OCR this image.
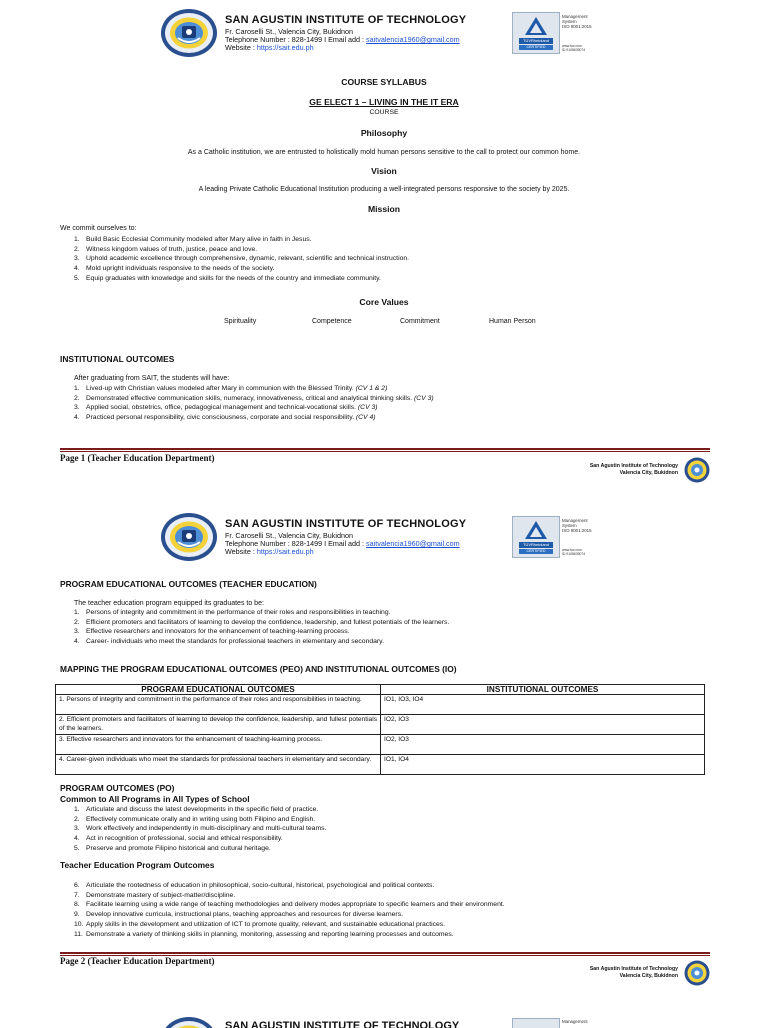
SAN AGUSTIN INSTITUTE OF TECHNOLOGY
Fr. Caroselli St., Valencia City, Bukidnon
Telephone Number : 828-1499 I Email add : saitvalencia1960@gmail.com
Website : https://sait.edu.ph
TÜVRheinland
CERTIFIED
Management
System
ISO 9001:2015
www.tuv.com
ID 9108639074
COURSE SYLLABUS
GE ELECT 1 – LIVING IN THE IT ERA
COURSE
Philosophy
As a Catholic institution, we are entrusted to holistically mold human persons sensitive to the call to protect our common home.
Vision
A leading Private Catholic Educational Institution producing a well-integrated persons responsive to the society by 2025.
Mission
We commit ourselves to:
1. Build Basic Ecclesial Community modeled after Mary alive in faith in Jesus.
2. Witness kingdom values of truth, justice, peace and love.
3. Uphold academic excellence through comprehensive, dynamic, relevant, scientific and technical instruction.
4. Mold upright individuals responsive to the needs of the society.
5. Equip graduates with knowledge and skills for the needs of the country and immediate community.
Core Values
Spirituality	Competence	Commitment	Human Person
INSTITUTIONAL OUTCOMES
After graduating from SAIT, the students will have:
1. Lived-up with Christian values modeled after Mary in communion with the Blessed Trinity. (CV 1 & 2)
2. Demonstrated effective communication skills, numeracy, innovativeness, critical and analytical thinking skills. (CV 3)
3. Applied social, obstetrics, office, pedagogical management and technical-vocational skills. (CV 3)
4. Practiced personal responsibility, civic consciousness, corporate and social responsibility. (CV 4)
Page 1 (Teacher Education Department)
San Agustin Institute of Technology
Valencia City, Bukidnon
SAN AGUSTIN INSTITUTE OF TECHNOLOGY
Fr. Caroselli St., Valencia City, Bukidnon
Telephone Number : 828-1499 I Email add : saitvalencia1960@gmail.com
Website : https://sait.edu.ph
TÜVRheinland
CERTIFIED
Management
System
ISO 9001:2015
www.tuv.com
ID 9108639074
PROGRAM EDUCATIONAL OUTCOMES (TEACHER EDUCATION)
The teacher education program equipped its graduates to be:
1. Persons of integrity and commitment in the performance of their roles and responsibilities in teaching.
2. Efficient promoters and facilitators of learning to develop the confidence, leadership, and fullest potentials of the learners.
3. Effective researchers and innovators for the enhancement of teaching-learning process.
4. Career- individuals who meet the standards for professional teachers in elementary and secondary.
MAPPING THE PROGRAM EDUCATIONAL OUTCOMES (PEO) AND INSTITUTIONAL OUTCOMES (IO)
PROGRAM EDUCATIONAL OUTCOMES	INSTITUTIONAL OUTCOMES
1. Persons of integrity and commitment in the performance of their roles and responsibilities in teaching.	IO1, IO3, IO4
2. Efficient promoters and facilitators of learning to develop the confidence, leadership, and fullest potentials of the learners.	IO2, IO3
3. Effective researchers and innovators for the enhancement of teaching-learning process.	IO2, IO3
4. Career-given individuals who meet the standards for professional teachers in elementary and secondary.	IO1, IO4
PROGRAM OUTCOMES (PO)
Common to All Programs in All Types of School
1. Articulate and discuss the latest developments in the specific field of practice.
2. Effectively communicate orally and in writing using both Filipino and English.
3. Work effectively and independently in multi-disciplinary and multi-cultural teams.
4. Act in recognition of professional, social and ethical responsibility.
5. Preserve and promote Filipino historical and cultural heritage.
Teacher Education Program Outcomes
6. Articulate the rootedness of education in philosophical, socio-cultural, historical, psychological and political contexts.
7. Demonstrate mastery of subject-matter/discipline.
8. Facilitate learning using a wide range of teaching methodologies and delivery modes appropriate to specific learners and their environment.
9. Develop innovative curricula, instructional plans, teaching approaches and resources for diverse learners.
10. Apply skills in the development and utilization of ICT to promote quality, relevant, and sustainable educational practices.
11. Demonstrate a variety of thinking skills in planning, monitoring, assessing and reporting learning processes and outcomes.
Page 2 (Teacher Education Department)
San Agustin Institute of Technology
Valencia City, Bukidnon
SAN AGUSTIN INSTITUTE OF TECHNOLOGY	Management
